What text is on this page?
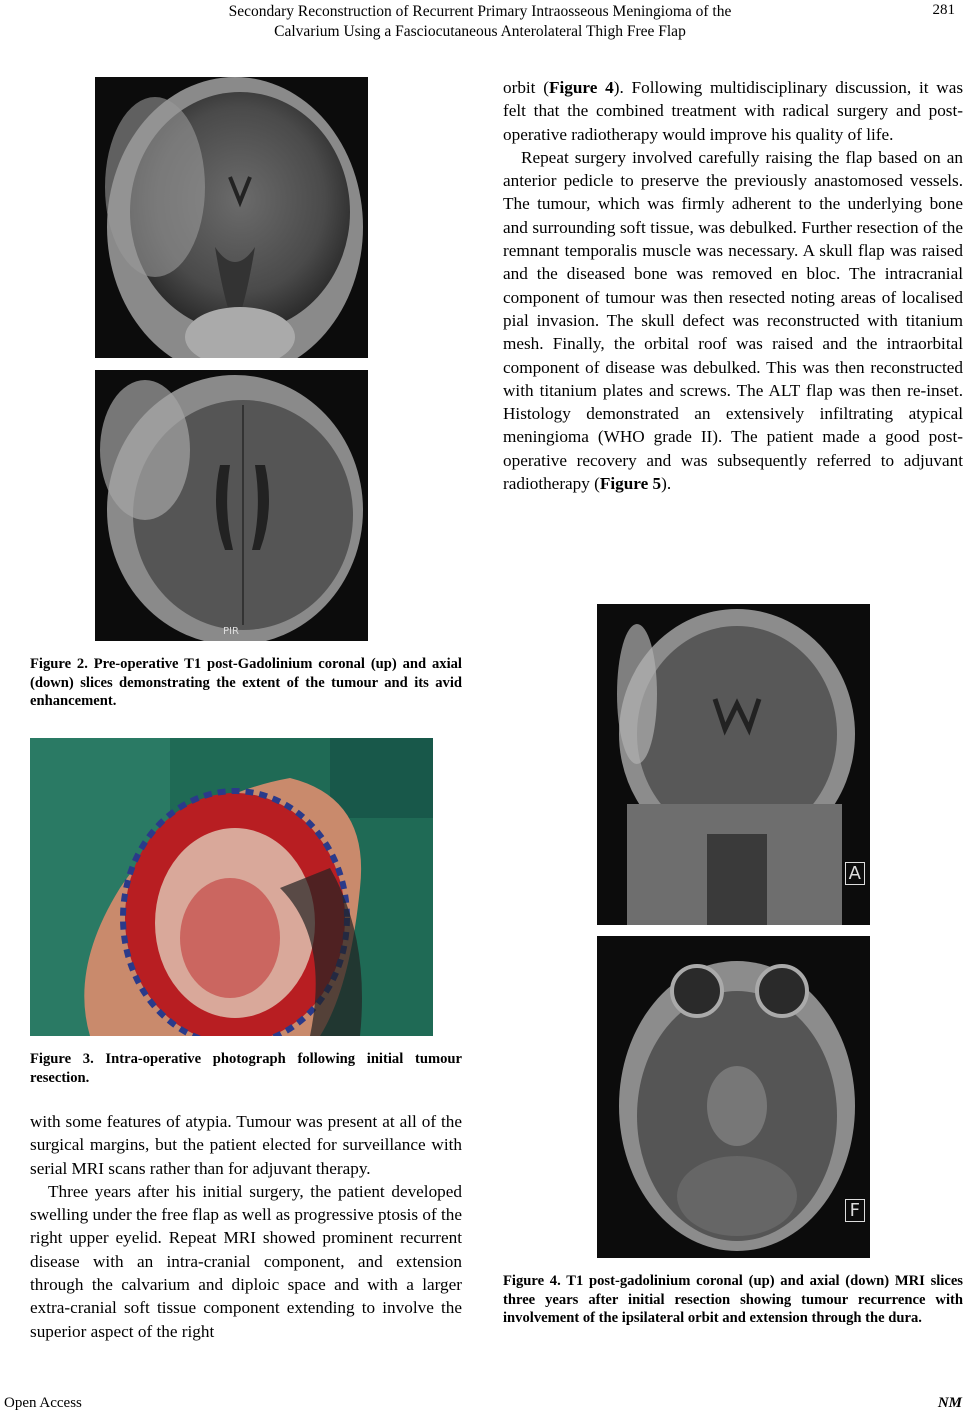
Secondary Reconstruction of Recurrent Primary Intraosseous Meningioma of the
Calvarium Using a Fasciocutaneous Anterolateral Thigh Free Flap
281
PIR
Figure 2. Pre-operative T1 post-Gadolinium coronal (up) and axial (down) slices demonstrating the extent of the tumour and its avid enhancement.
Figure 3. Intra-operative photograph following initial tumour resection.

with some features of atypia. Tumour was present at all of the surgical margins, but the patient elected for surveillance with serial MRI scans rather than for adjuvant therapy.

Three years after his initial surgery, the patient developed swelling under the free flap as well as progressive ptosis of the right upper eyelid. Repeat MRI showed prominent recurrent disease with an intra-cranial component, and extension through the calvarium and diploic space and with a larger extra-cranial soft tissue component extending to involve the superior aspect of the right

orbit (Figure 4). Following multidisciplinary discussion, it was felt that the combined treatment with radical surgery and post-operative radiotherapy would improve his quality of life.

Repeat surgery involved carefully raising the flap based on an anterior pedicle to preserve the previously anastomosed vessels. The tumour, which was firmly adherent to the underlying bone and surrounding soft tissue, was debulked. Further resection of the remnant temporalis muscle was necessary. A skull flap was raised and the diseased bone was removed en bloc. The intracranial component of tumour was then resected noting areas of localised pial invasion. The skull defect was reconstructed with titanium mesh. Finally, the orbital roof was raised and the intraorbital component of disease was debulked. This was then reconstructed with titanium plates and screws. The ALT flap was then re-inset. Histology demonstrated an extensively infiltrating atypical meningioma (WHO grade II). The patient made a good post-operative recovery and was subsequently referred to adjuvant radiotherapy (Figure 5).

A
F
Figure 4. T1 post-gadolinium coronal (up) and axial (down) MRI slices three years after initial resection showing tumour recurrence with involvement of the ipsilateral orbit and extension through the dura.
Open Access	NM
